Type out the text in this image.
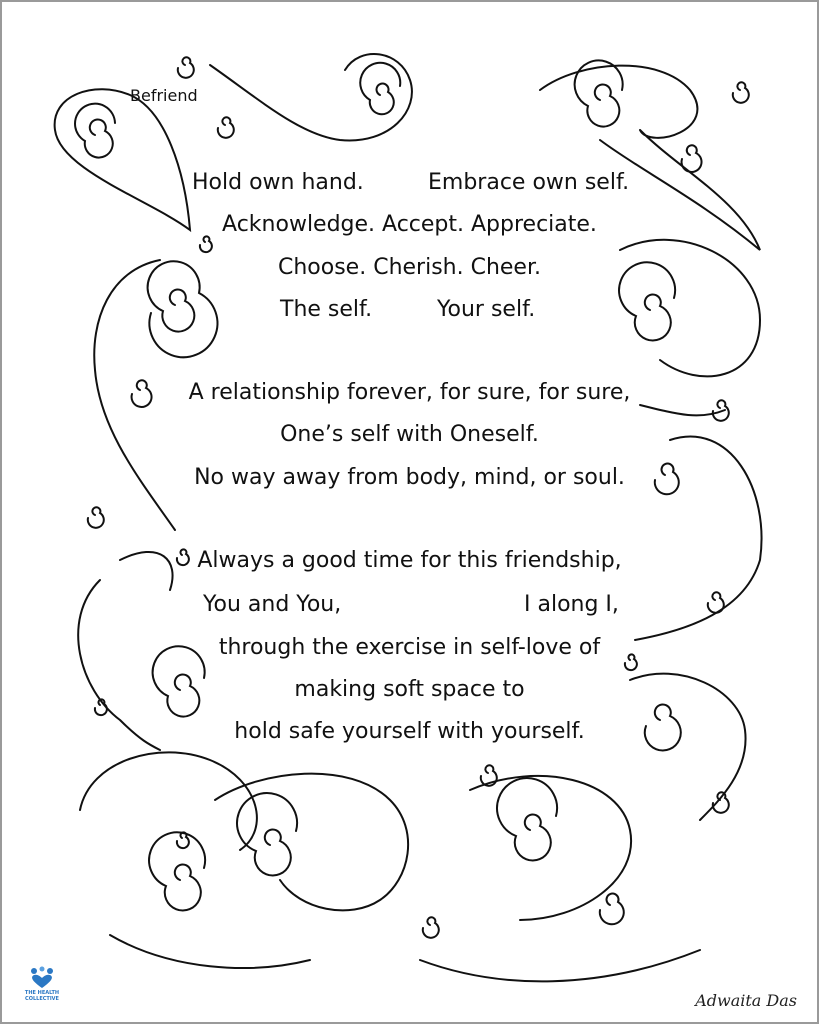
Befriend
Hold own hand.	Embrace own self.
Acknowledge. Accept. Appreciate.
Choose. Cherish. Cheer.
The self.	Your self.
A relationship forever, for sure, for sure,
One’s self with Oneself.
No way away from body, mind, or soul.
Always a good time for this friendship,
You and You,	I along I,
through the exercise in self-love of
making soft space to
hold safe yourself with yourself.
THE HEALTH COLLECTIVE	Adwaita Das
